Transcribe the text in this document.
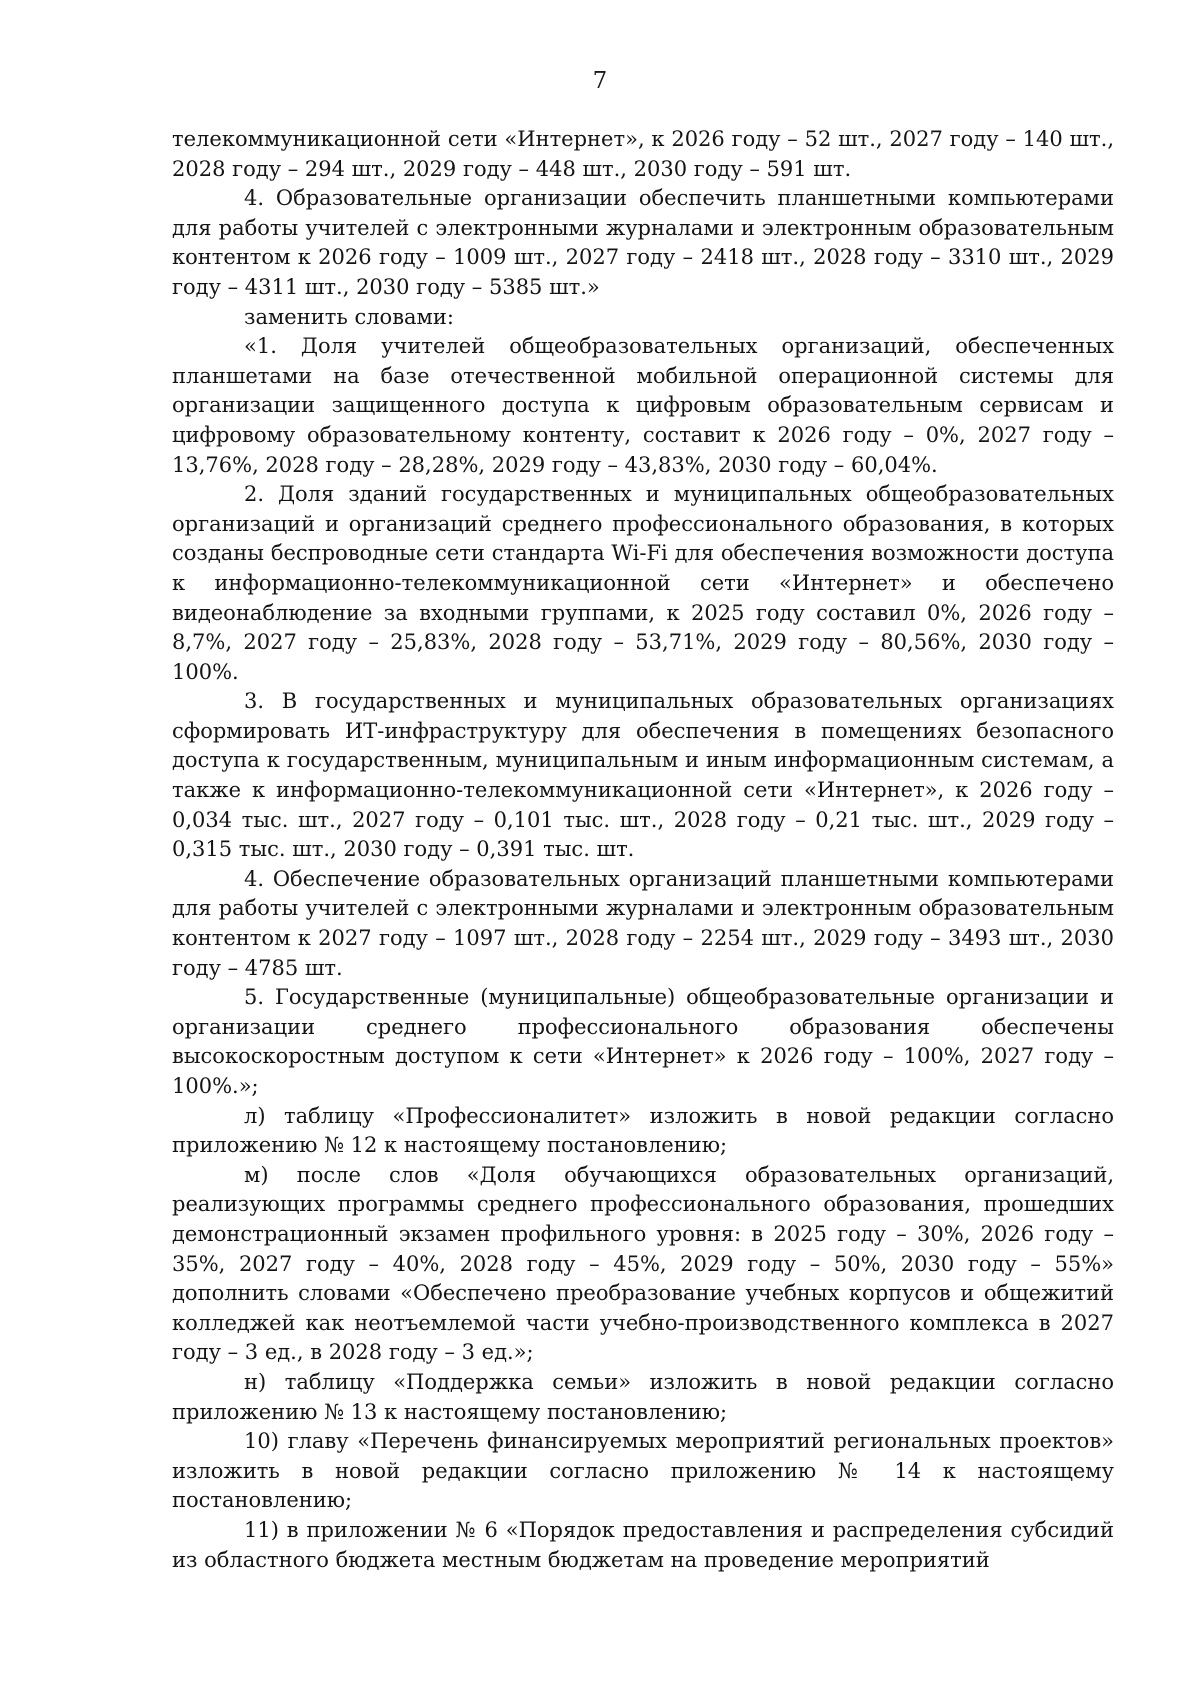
7

телекоммуникационной сети «Интернет», к 2026 году – 52 шт., 2027 году – 140 шт., 2028 году – 294 шт., 2029 году – 448 шт., 2030 году – 591 шт.

4. Образовательные организации обеспечить планшетными компьютерами для работы учителей с электронными журналами и электронным образовательным контентом к 2026 году – 1009 шт., 2027 году – 2418 шт., 2028 году – 3310 шт., 2029 году – 4311 шт., 2030 году – 5385 шт.»

заменить словами:

«1. Доля учителей общеобразовательных организаций, обеспеченных планшетами на базе отечественной мобильной операционной системы для организации защищенного доступа к цифровым образовательным сервисам и цифровому образовательному контенту, составит к 2026 году – 0%, 2027 году – 13,76%, 2028 году – 28,28%, 2029 году – 43,83%, 2030 году – 60,04%.

2. Доля зданий государственных и муниципальных общеобразовательных организаций и организаций среднего профессионального образования, в которых созданы беспроводные сети стандарта Wi-Fi для обеспечения возможности доступа к информационно-телекоммуникационной сети «Интернет» и обеспечено видеонаблюдение за входными группами, к 2025 году составил 0%, 2026 году – 8,7%, 2027 году – 25,83%, 2028 году – 53,71%, 2029 году – 80,56%, 2030 году – 100%.

3. В государственных и муниципальных образовательных организациях сформировать ИТ-инфраструктуру для обеспечения в помещениях безопасного доступа к государственным, муниципальным и иным информационным системам, а также к информационно-телекоммуникационной сети «Интернет», к 2026 году – 0,034 тыс. шт., 2027 году – 0,101 тыс. шт., 2028 году – 0,21 тыс. шт., 2029 году – 0,315 тыс. шт., 2030 году – 0,391 тыс. шт.

4. Обеспечение образовательных организаций планшетными компьютерами для работы учителей с электронными журналами и электронным образовательным контентом к 2027 году – 1097 шт., 2028 году – 2254 шт., 2029 году – 3493 шт., 2030 году – 4785 шт.

5. Государственные (муниципальные) общеобразовательные организации и организации среднего профессионального образования обеспечены высокоскоростным доступом к сети «Интернет» к 2026 году – 100%, 2027 году – 100%.»;

л) таблицу «Профессионалитет» изложить в новой редакции согласно приложению № 12 к настоящему постановлению;

м) после слов «Доля обучающихся образовательных организаций, реализующих программы среднего профессионального образования, прошедших демонстрационный экзамен профильного уровня: в 2025 году – 30%, 2026 году – 35%, 2027 году – 40%, 2028 году – 45%, 2029 году – 50%, 2030 году – 55%» дополнить словами «Обеспечено преобразование учебных корпусов и общежитий колледжей как неотъемлемой части учебно-производственного комплекса в 2027 году – 3 ед., в 2028 году – 3 ед.»;

н) таблицу «Поддержка семьи» изложить в новой редакции согласно приложению № 13 к настоящему постановлению;

10) главу «Перечень финансируемых мероприятий региональных проектов» изложить в новой редакции согласно приложению № 14 к настоящему постановлению;

11) в приложении № 6 «Порядок предоставления и распределения субсидий из областного бюджета местным бюджетам на проведение мероприятий
